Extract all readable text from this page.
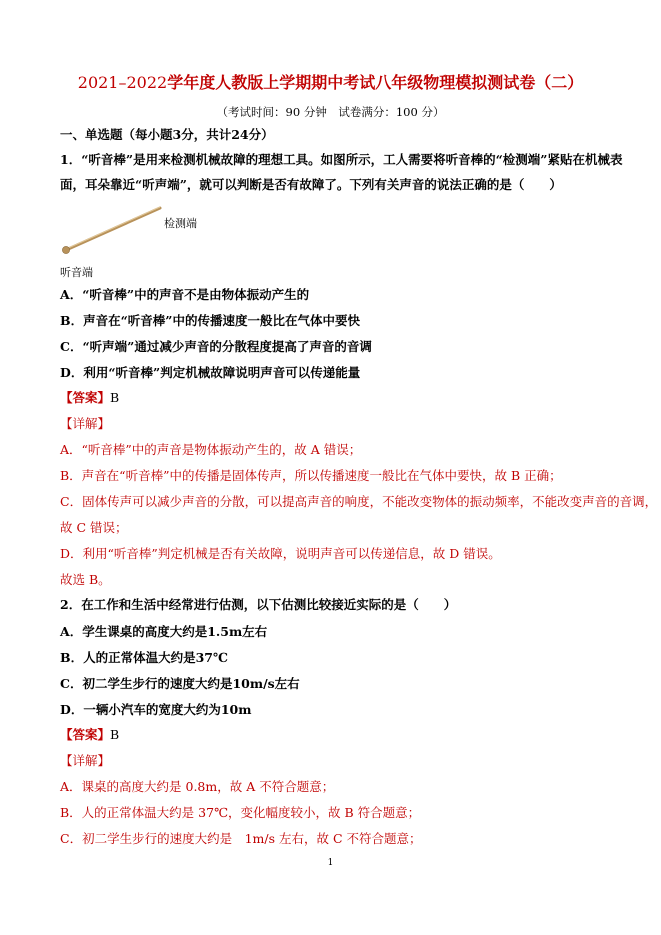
2021–2022学年度人教版上学期期中考试八年级物理模拟测试卷（二）
（考试时间：90 分钟　试卷满分：100 分）
一、单选题（每小题3分，共计24分）
1．“听音棒”是用来检测机械故障的理想工具。如图所示，工人需要将听音棒的“检测端”紧贴在机械表
面，耳朵靠近“听声端”，就可以判断是否有故障了。下列有关声音的说法正确的是（　　）
检测端
听音端
A．“听音棒”中的声音不是由物体振动产生的
B．声音在“听音棒”中的传播速度一般比在气体中要快
C．“听声端”通过减少声音的分散程度提高了声音的音调
D．利用“听音棒”判定机械故障说明声音可以传递能量
【答案】B
【详解】
A．“听音棒”中的声音是物体振动产生的，故 A 错误；
B．声音在“听音棒”中的传播是固体传声，所以传播速度一般比在气体中要快，故 B 正确；
C．固体传声可以减少声音的分散，可以提高声音的响度，不能改变物体的振动频率，不能改变声音的音调，
故 C 错误；
D．利用“听音棒”判定机械是否有关故障，说明声音可以传递信息，故 D 错误。
故选 B。
2．在工作和生活中经常进行估测，以下估测比较接近实际的是（　　）
A．学生课桌的高度大约是1.5m左右
B．人的正常体温大约是37℃
C．初二学生步行的速度大约是10m/s左右
D．一辆小汽车的宽度大约为10m
【答案】B
【详解】
A．课桌的高度大约是 0.8m，故 A 不符合题意；
B．人的正常体温大约是 37℃，变化幅度较小，故 B 符合题意；
C．初二学生步行的速度大约是　1m/s 左右，故 C 不符合题意；
1
